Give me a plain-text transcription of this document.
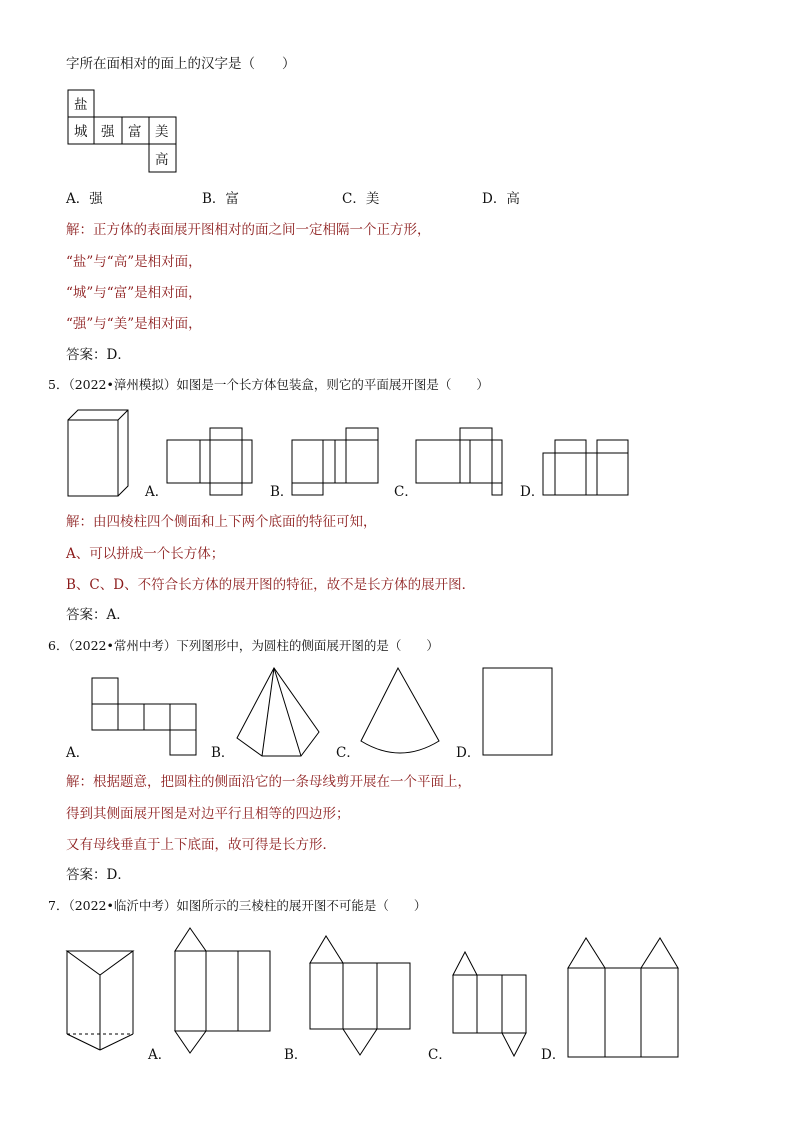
字所在面相对的面上的汉字是（　　）
盐
城 强 富 美
高
A．强	B．富	C．美	D．高
解：正方体的表面展开图相对的面之间一定相隔一个正方形，
“盐”与“高”是相对面，
“城”与“富”是相对面，
“强”与“美”是相对面，
答案：D．
5．（2022•漳州模拟）如图是一个长方体包装盒，则它的平面展开图是（　　）
A．	B．	C．	D．
解：由四棱柱四个侧面和上下两个底面的特征可知，
A、可以拼成一个长方体；
B、C、D、不符合长方体的展开图的特征，故不是长方体的展开图．
答案：A．
6．（2022•常州中考）下列图形中，为圆柱的侧面展开图的是（　　）
A．	B．	C．	D．
解：根据题意，把圆柱的侧面沿它的一条母线剪开展在一个平面上，
得到其侧面展开图是对边平行且相等的四边形；
又有母线垂直于上下底面，故可得是长方形．
答案：D．
7．（2022•临沂中考）如图所示的三棱柱的展开图不可能是（　　）
A．	B．	C．	D．
